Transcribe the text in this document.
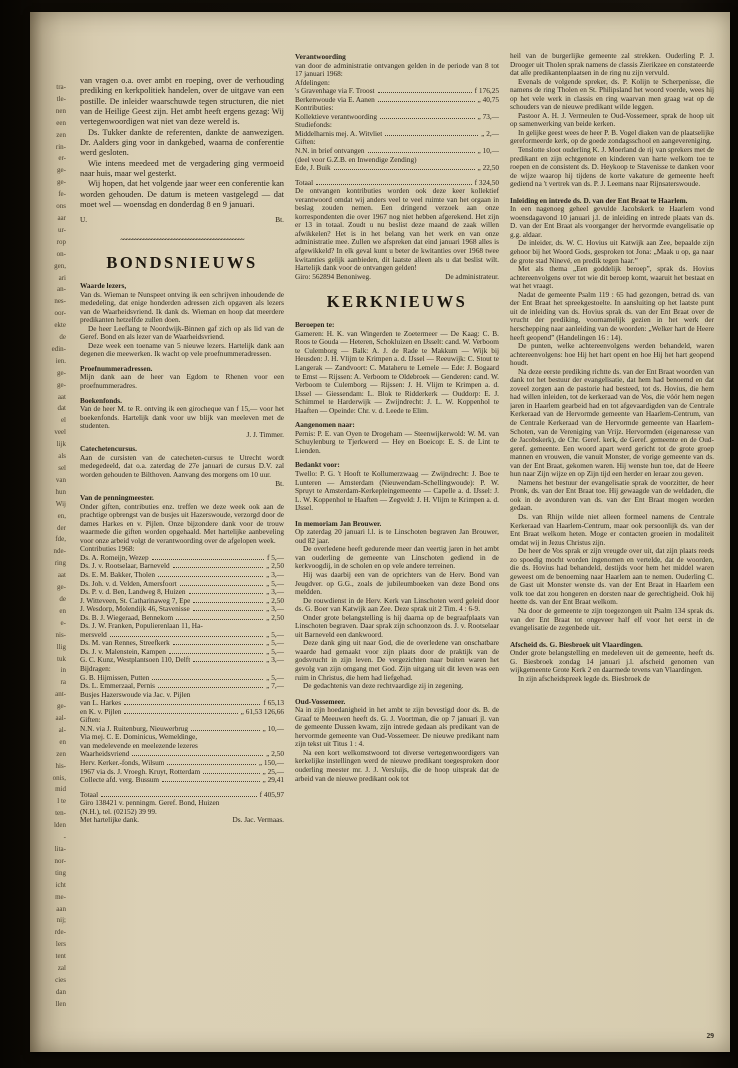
tra-
tle-
nen
een
zen
rin-
er-
ge-
ge-
fe-
ons
aar
ur-
rop
on-
gen,
ari
an-
nes-
oor-
ekte
de
edin-
ien.
ge-
ge-
aat
dat
el
veel
lijk
als
sel
van
hun
Wij
en,
der
fde,
nde-
ring
aat
ge-
de
en
e-
nis-
llig
tuk
in
ra
ant-
ge-
aal-
al-
en
zen
his-
onis,
mid
l te
ten-
lden
-
lita-
nor-
ting
icht
me-
aan
nij;
rde-
lers
tent
zal
cies
dan
llen
van vragen o.a. over ambt en roeping, over de verhouding prediking en kerkpolitiek handelen, over de uitgave van een postille. De inleider waarschuwde tegen structuren, die niet van de Heilige Geest zijn. Het ambt heeft ergens gezag: Wij vertegenwoordigen wat niet van deze wereld is.
Ds. Tukker dankte de referenten, dankte de aanwezigen. Dr. Aalders ging voor in dankgebed, waarna de conferentie werd gesloten.
Wie intens meedeed met de vergadering ging vermoeid naar huis, maar wel gesterkt.
Wij hopen, dat het volgende jaar weer een conferentie kan worden gehouden. De datum is meteen vastgelegd — dat moet wel — woensdag en donderdag 8 en 9 januari.
U.	Bt.
~~~~~~~~~~~~~~~~~~~~~~~~~~~~~~~~~~~~~~~~~~~~
BONDSNIEUWS
Waarde lezers,
Van ds. Wieman te Nunspeet ontving ik een schrijven inhoudende de mededeling, dat enige honderden adressen zich opgaven als lezers van de Waarheidsvriend. Ik dank ds. Wieman en hoop dat meerdere predikanten hetzelfde zullen doen.
De heer Leeflang te Noordwijk-Binnen gaf zich op als lid van de Geref. Bond en als lezer van de Waarheidsvriend.
Deze week een toename van 5 nieuwe lezers. Hartelijk dank aan degenen die meewerken. Ik wacht op vele proefnummeradressen.
Proefnummeradressen.
Mijn dank aan de heer van Egdom te Rhenen voor een proefnummeradres.
Boekenfonds.
Van de heer M. te R. ontving ik een girocheque van f 15,— voor het boekenfonds. Hartelijk dank voor uw blijk van meeleven met de studenten.
J. J. Timmer.
Catechetencursus.
Aan de cursisten van de catecheten-cursus te Utrecht wordt medegedeeld, dat o.a. zaterdag de 27e januari de cursus D.V. zal worden gehouden te Bilthoven. Aanvang des morgens om 10 uur.
Bt.
Van de penningmeester.
Onder giften, contributies enz. treffen we deze week ook aan de prachtige opbrengst van de busjes uit Hazerswoude, verzorgd door de dames Harkes en v. Pijlen. Onze bijzondere dank voor de trouw waarmede die giften worden opgehaald. Met hartelijke aanbeveling voor onze arbeid volgt de verantwoording over de afgelopen week.
Contributies 1968:
Ds. A. Romeijn, Wezep	f 5,—
Ds. J. v. Rootselaar, Barneveld	„ 2,50
Ds. E. M. Bakker, Tholen	„ 3,—
Ds. Joh. v. d. Velden, Amersfoort	„ 5,—
Ds. P. v. d. Ben, Landweg 8, Huizen	„ 3,—
J. Witteveen, St. Catharinaweg 7, Epe	„ 2,50
J. Wesdorp, Molendijk 46, Stavenisse	„ 3,—
Ds. B. J. Wiegeraad, Bennekom	„ 2,50
Ds. J. W. Franken, Populierenlaan 11, Ha-
mersveld	„ 5,—
Ds. M. van Rennes, Streefkerk	„ 5,—
Ds. J. v. Malenstein, Kampen	„ 5,—
G. C. Kunz, Westplantsoen 110, Delft	„ 3,—
Bijdragen:
G. B. Hijmissen, Putten	„ 5,—
Ds. L. Emmerzaal, Pernis	„ 7,—
Busjes Hazerswoude via Jac. v. Pijlen
van L. Harkes	f 65,13
en K. v. Pijlen	„ 61,53 126,66
Giften:
N.N. via J. Ruitenburg, Nieuwerbrug	„ 10,—
Via mej. C. E. Dominicus, Wemeldinge,
van medelevende en meelezende lezeres
Waarheidsvriend	„ 2,50
Herv. Kerker.-fonds, Wilsum	„ 150,—
1967 via ds. J. Vroegh. Kruyt, Rotterdam	„ 25,—
Collecte afd. verg. Bussum	„ 29,41
Totaal	f 405,97
Giro 138421 v. penningm. Geref. Bond, Huizen
(N.H.), tel. (02152) 39 99.
Met hartelijke dank.	Ds. Jac. Vermaas.
Verantwoording
van door de administratie ontvangen gelden in de periode van 8 tot 17 januari 1968:
Afdelingen:
's Gravenhage via F. Troost	f 176,25
Berkenwoude via E. Aanen	„ 40,75
Kontributies:
Kollektieve verantwoording	„ 73,—
Studiefonds:
Middelharnis mej. A. Witvliet	„ 2,—
Giften:
N.N. in brief ontvangen	„ 10,—
(deel voor G.Z.B. en Inwendige Zending)
Ede, J. Buik	„ 22,50
Totaal	f 324,50
De ontvangen kontributies worden ook deze keer kollektief verantwoord omdat wij anders veel te veel ruimte van het orgaan in beslag zouden nemen. Een dringend verzoek aan onze korrespondenten die over 1967 nog niet hebben afgerekend. Het zijn er 13 in totaal. Zoudt u nu beslist deze maand de zaak willen afwikkelen? Het is in het belang van het werk en van onze administratie mee. Zullen we afspreken dat eind januari 1968 alles is afgewikkeld? In elk geval kunt u beter de kwitanties over 1968 twee kwitanties gelijk aanbieden, dit laatste alleen als u dat beslist wilt. Hartelijk dank voor de ontvangen gelden!
Giro: 562894 Benoniweg.	De administrateur.
KERKNIEUWS
Beroepen te:
Gameren: H. K. van Wingerden te Zoetermeer — De Kaag: C. B. Roos te Gouda — Heteren, Schokluizen en IJsselt: cand. W. Verboom te Culemborg — Balk: A. J. de Rade te Makkum — Wijk bij Heusden: J. H. Vlijm te Krimpen a. d. IJssel — Reeuwijk: C. Stout te Langerak — Zandvoort: C. Mataheru te Lemele — Ede: J. Bogaard te Emst — Rijssen: A. Verboom te Oldebroek — Genderen: cand. W. Verboom te Culemborg — Rijssen: J. H. Vlijm te Krimpen a. d. IJssel — Giessendam: L. Blok te Ridderkerk — Ouddorp: E. J. Schimmel te Harderwijk — Zwijndrecht: J. L. W. Koppenhol te Haaften — Opeinde: Chr. v. d. Leede te Elim.
Aangenomen naar:
Pernis: P. E. van Oyen te Drogeham — Steenwijkerwold: W. M. van Schuylenburg te Tjerkwerd — Hey en Boeicop: E. S. de Lint te Lienden.
Bedankt voor:
Twello: P. G. 't Hooft te Kollumerzwaag — Zwijndrecht: J. Boe te Lunteren — Amsterdam (Nieuwendam-Schellingwoude): P. W. Spruyt te Amsterdam-Kerkepleingemeente — Capelle a. d. IJssel: J. L. W. Koppenhol te Haaften — Zegveld: J. H. Vlijm te Krimpen a. d. IJssel.
In memoriam Jan Brouwer.
Op zaterdag 20 januari l.l. is te Linschoten begraven Jan Brouwer, oud 82 jaar.
De overledene heeft gedurende meer dan veertig jaren in het ambt van ouderling de gemeente van Linschoten gediend in de kerkvoogdij, in de scholen en op vele andere terreinen.
Hij was daarbij een van de oprichters van de Herv. Bond van Jeugdver. op G.G., zoals de jubileumboeken van deze Bond ons meldden.
De rouwdienst in de Herv. Kerk van Linschoten werd geleid door ds. G. Boer van Katwijk aan Zee. Deze sprak uit 2 Tim. 4 : 6-9.
Onder grote belangstelling is hij daarna op de begraafplaats van Linschoten begraven. Daar sprak zijn schoonzoon ds. J. v. Rootselaar uit Barneveld een dankwoord.
Deze dank ging uit naar God, die de overledene van onschatbare waarde had gemaakt voor zijn plaats door de praktijk van de godsvrucht in zijn leven. De vergezichten naar buiten waren het gevolg van zijn omgang met God. Zijn uitgang uit dit leven was een ruim in Christus, die hem had liefgehad.
De gedachtenis van deze rechtvaardige zij in zegening.
Oud-Vossemeer.
Na in zijn hoedanigheid in het ambt te zijn bevestigd door ds. B. de Graaf te Meeuwen heeft ds. G. J. Voortman, die op 7 januari jl. van de gemeente Dussen kwam, zijn intrede gedaan als predikant van de hervormde gemeente van Oud-Vossemeer. De nieuwe predikant nam zijn tekst uit Titus 1 : 4.
Na een kort welkomstwoord tot diverse vertegenwoordigers van kerkelijke instellingen werd de nieuwe predikant toegesproken door ouderling meester mr. J. J. Versluijs, die de hoop uitsprak dat de arbeid van de nieuwe predikant ook tot
heil van de burgerlijke gemeente zal strekken. Ouderling P. J. Drooger uit Tholen sprak namens de classis Zierikzee en constateerde dat alle predikantenplaatsen in de ring nu zijn vervuld.
Evenals de volgende spreker, ds. P. Kolijn te Scherpenisse, die namens de ring Tholen en St. Philipsland het woord voerde, wees hij op het vele werk in classis en ring waarvan men graag wat op de schouders van de nieuwe predikant wilde leggen.
Pastoor A. H. J. Vermeulen te Oud-Vossemeer, sprak de hoop uit op samenwerking van beide kerken.
In gelijke geest wees de heer P. B. Vogel diaken van de plaatselijke gereformeerde kerk, op de goede zondagsschool en aangevereniging.
Tenslotte sloot ouderling K. J. Moerland de rij van sprekers met de predikant en zijn echtgenote en kinderen van harte welkom toe te roepen en de consistent ds. D. Heykoop te Stavenisse te danken voor de wijze waarop hij tijdens de korte vakature de gemeente heeft gediend na 't vertrek van ds. P. J. Leemans naar Rijnsaterswoude.
Inleiding en intrede ds. D. van der Ent Braat te Haarlem.
In een nagenoeg geheel gevulde Jacobskerk te Haarlem vond woensdagavond 10 januari j.l. de inleiding en intrede plaats van ds. D. van der Ent Braat als voorganger der hervormde evangelisatie op g.g. aldaar.
De inleider, ds. W. C. Hovius uit Katwijk aan Zee, bepaalde zijn gehoor bij het Woord Gods, gesproken tot Jona: „Maak u op, ga naar de grote stad Ninevé, en predik tegen haar.”
Met als thema „Een goddelijk beroep”, sprak ds. Hovius achtereenvolgens over tot wie dit beroep komt, waaruit het bestaat en wat het vraagt.
Nadat de gemeente Psalm 119 : 65 had gezongen, betrad ds. van der Ent Braat het spreekgestoelte. In aansluiting op het laatste punt uit de inleiding van ds. Hovius sprak ds. van der Ent Braat over de vrucht der prediking, voornamelijk gezien in het werk der herschepping naar aanleiding van de woorden: „Welker hart de Heere heeft geopend” (Handelingen 16 : 14).
De punten, welke achtereenvolgens werden behandeld, waren achtereenvolgens: hoe Hij het hart opent en hoe Hij het hart geopend houdt.
Na deze eerste prediking richtte ds. van der Ent Braat woorden van dank tot het bestuur der evangelisatie, dat hem had benoemd en dat zoveel zorgen aan de pastorie had besteed, tot ds. Hovius, die hem had willen inleiden, tot de kerkeraad van de Vos, die vóór hem negen jaren in Haarlem gearbeid had en tot afgevaardigden van de Centrale Kerkeraad van de Hervormde gemeente van Haarlem-Centrum, van de Centrale Kerkeraad van de Hervormde gemeente van Haarlem-Schoten, van de Vereniging van Vrijz. Hervormden (eigenaresse van de Jacobskerk), de Chr. Geref. kerk, de Geref. gemeente en de Oud-geref. gemeente. Een woord apart werd gericht tot de grote groep mannen en vrouwen, die vanuit Monster, de vorige gemeente van ds. van der Ent Braat, gekomen waren. Hij wenste hun toe, dat de Heere hun naar Zijn wijze en op Zijn tijd een herder en leraar zou geven.
Namens het bestuur der evangelisatie sprak de voorzitter, de heer Pronk, ds. van der Ent Braat toe. Hij gewaagde van de weldaden, die ook in de avonduren van ds. van der Ent Braat mogen worden gedaan.
Ds. van Rhijn wilde niet alleen formeel namens de Centrale Kerkeraad van Haarlem-Centrum, maar ook persoonlijk ds. van der Ent Braat welkom heten. Moge er contacten groeien in modaliteit omdat wij in Jezus Christus zijn.
De heer de Vos sprak er zijn vreugde over uit, dat zijn plaats reeds zo spoedig mocht worden ingenomen en vertelde, dat de woorden, die ds. Hovius had behandeld, destijds voor hem het middel waren geweest om de benoeming naar Haarlem aan te nemen. Ouderling C. de Gast uit Monster wenste ds. van der Ent Braat in Haarlem een volk toe dat zou hongeren en dorsten naar de gerechtigheid. Ook hij heette ds. van der Ent Braat welkom.
Na door de gemeente te zijn toegezongen uit Psalm 134 sprak ds. van der Ent Braat tot ongeveer half elf voor het eerst in de evangelisatie de zegenbede uit.
Afscheid ds. G. Biesbroek uit Vlaardingen.
Onder grote belangstelling en medeleven uit de gemeente, heeft ds. G. Biesbroek zondag 14 januari j.l. afscheid genomen van wijkgemeente Grote Kerk 2 en daarmede tevens van Vlaardingen.
In zijn afscheidspreek legde ds. Biesbroek de
29
